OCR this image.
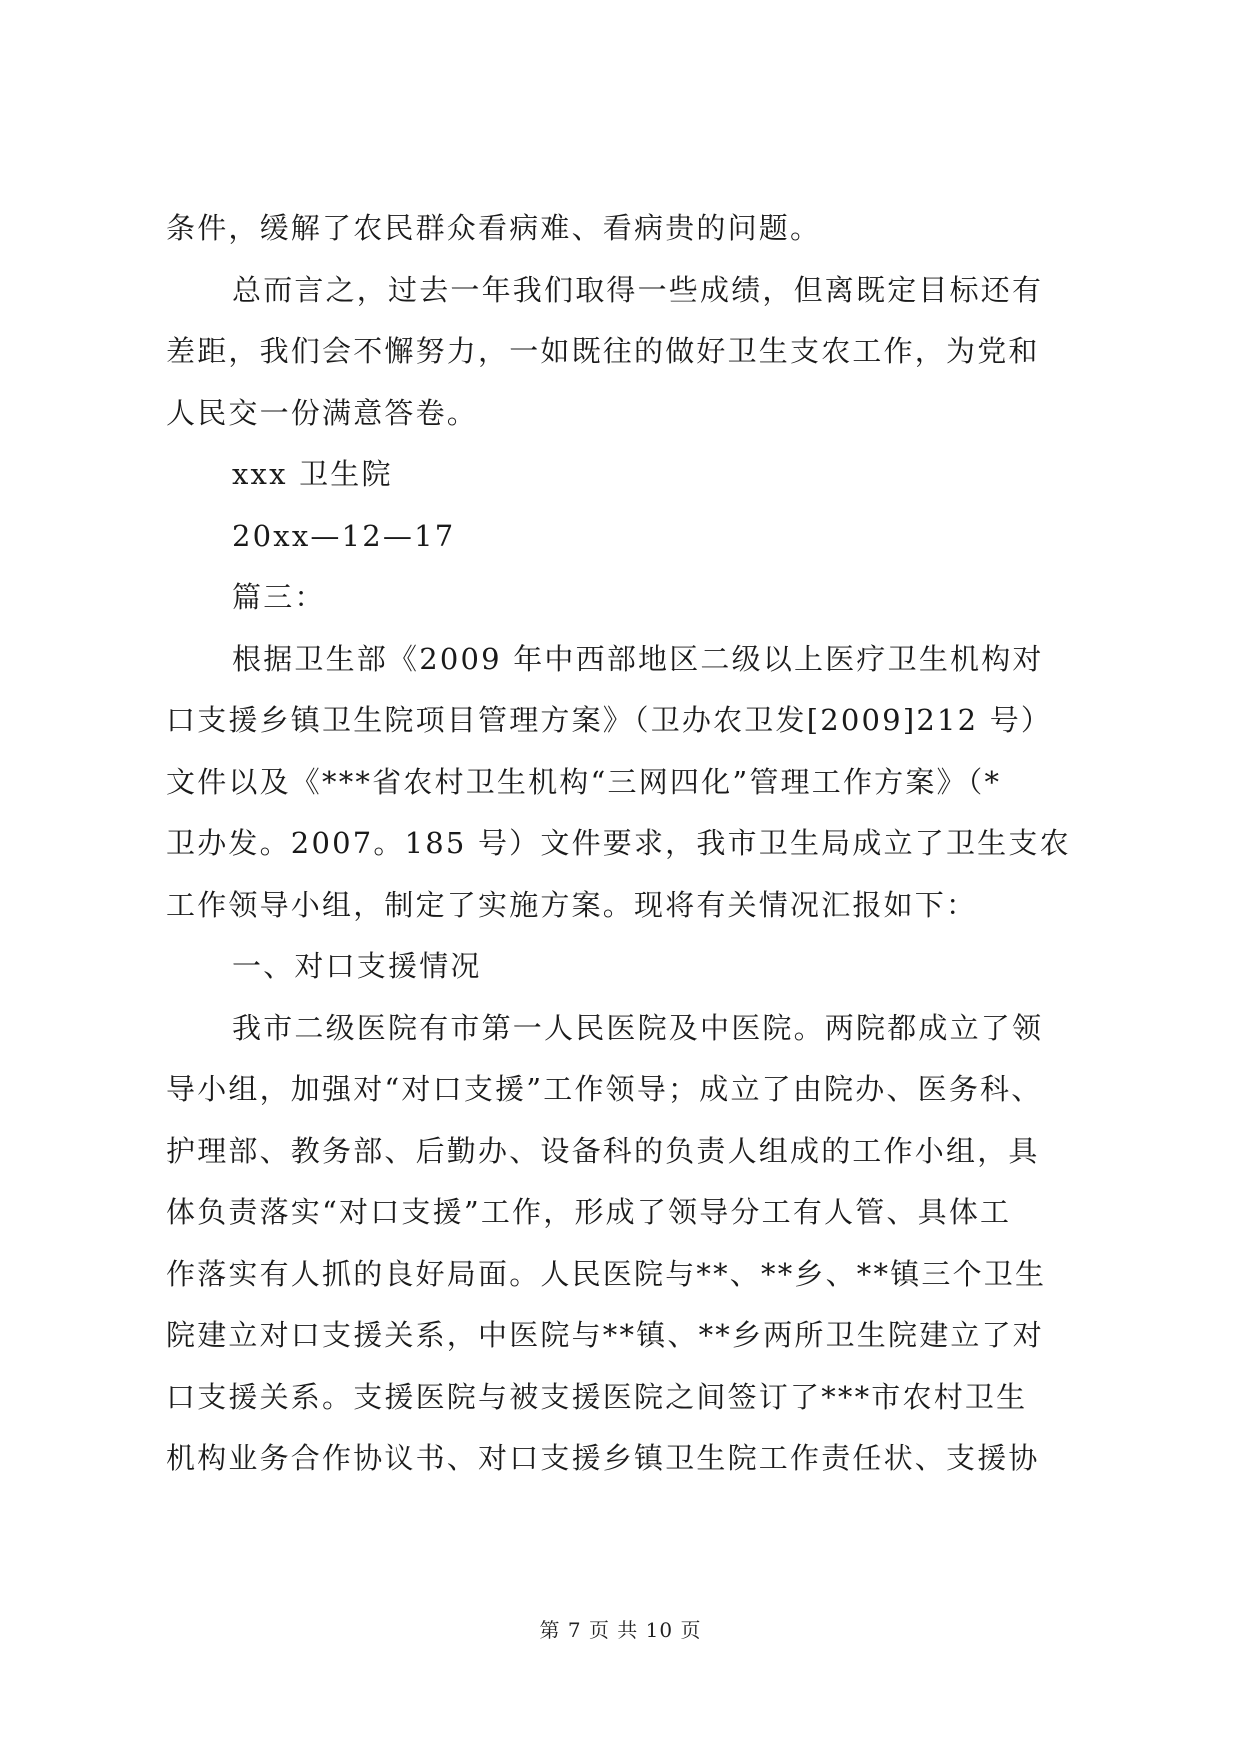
条件，缓解了农民群众看病难、看病贵的问题。
总而言之，过去一年我们取得一些成绩，但离既定目标还有
差距，我们会不懈努力，一如既往的做好卫生支农工作，为党和
人民交一份满意答卷。
xxx 卫生院
20xx—12—17
篇三：
根据卫生部《2009 年中西部地区二级以上医疗卫生机构对
口支援乡镇卫生院项目管理方案》（卫办农卫发[2009]212 号）
文件以及《***省农村卫生机构“三网四化”管理工作方案》（*
卫办发。2007。185 号）文件要求，我市卫生局成立了卫生支农
工作领导小组，制定了实施方案。现将有关情况汇报如下：
一、对口支援情况
我市二级医院有市第一人民医院及中医院。两院都成立了领
导小组，加强对“对口支援”工作领导；成立了由院办、医务科、
护理部、教务部、后勤办、设备科的负责人组成的工作小组，具
体负责落实“对口支援”工作，形成了领导分工有人管、具体工
作落实有人抓的良好局面。人民医院与**、**乡、**镇三个卫生
院建立对口支援关系，中医院与**镇、**乡两所卫生院建立了对
口支援关系。支援医院与被支援医院之间签订了***市农村卫生
机构业务合作协议书、对口支援乡镇卫生院工作责任状、支援协
第 7 页 共 10 页
